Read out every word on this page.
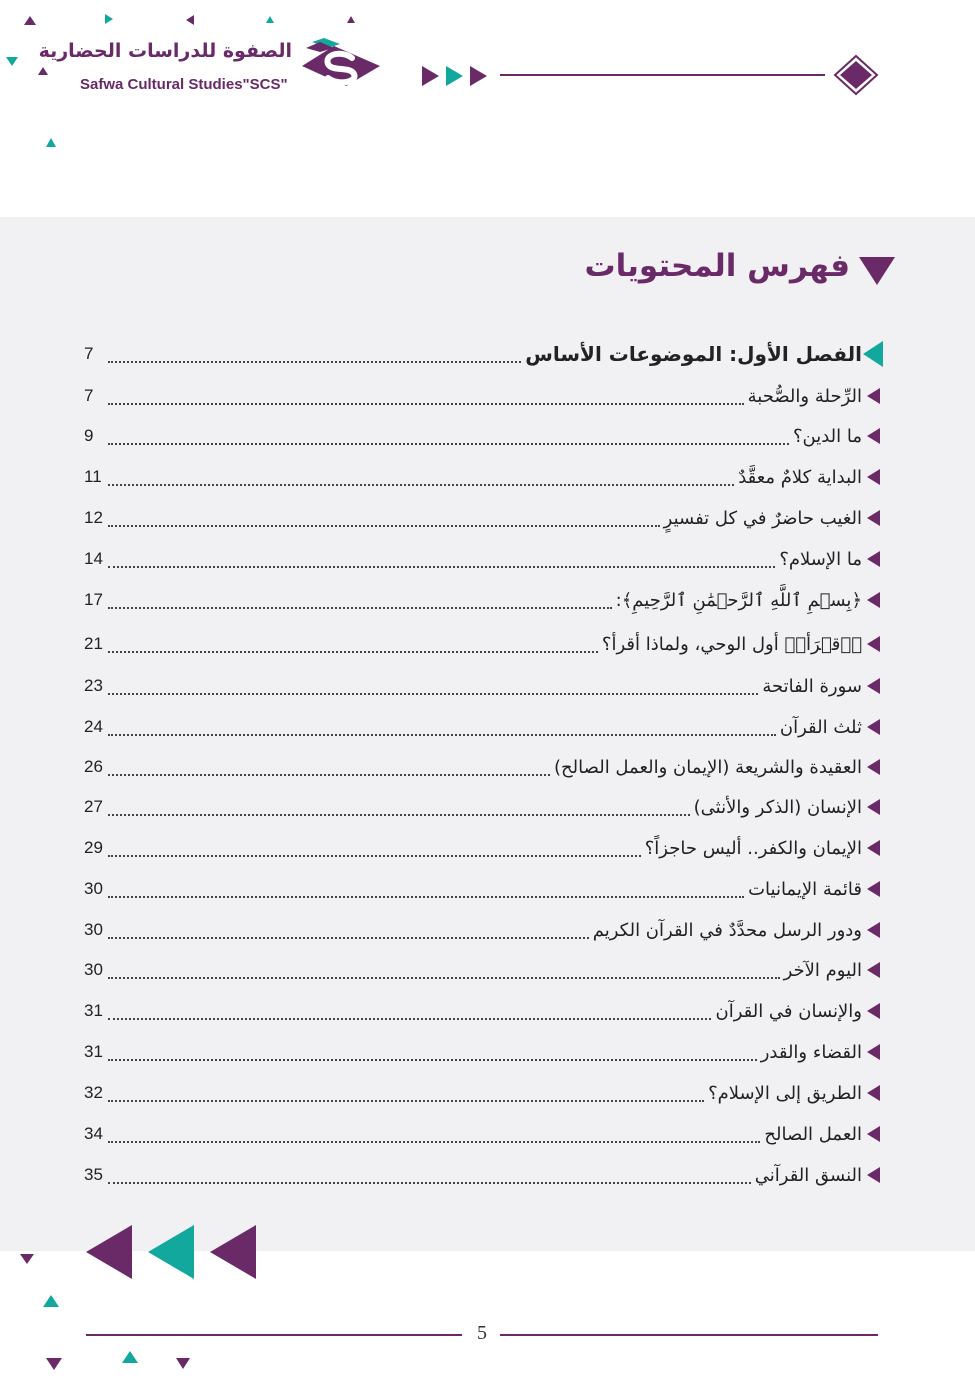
الصفوة للدراسات الحضارية
Safwa Cultural Studies"SCS"
فهرس المحتويات
الفصل الأول: الموضوعات الأساس
7
الرِّحلة والصُّحبة
7
ما الدين؟
9
البداية كلامٌ معقَّدٌ
11
الغيب حاضرٌ في كل تفسيرٍ
12
ما الإسلام؟
14
﴿بِسۡمِ ٱللَّهِ ٱلرَّحۡمَٰنِ ٱلرَّحِيمِ﴾:
17
﴿ٱقۡرَأۡ﴾ أول الوحي، ولماذا أقرأ؟
21
سورة الفاتحة
23
ثلث القرآن
24
العقيدة والشريعة (الإيمان والعمل الصالح)
26
الإنسان (الذكر والأنثى)
27
الإيمان والكفر.. أليس حاجزاً؟
29
قائمة الإيمانيات
30
ودور الرسل محدَّدٌ في القرآن الكريم
30
اليوم الآخر
30
والإنسان في القرآن
31
القضاء والقدر
31
الطريق إلى الإسلام؟
32
العمل الصالح
34
النسق القرآني
35
5
